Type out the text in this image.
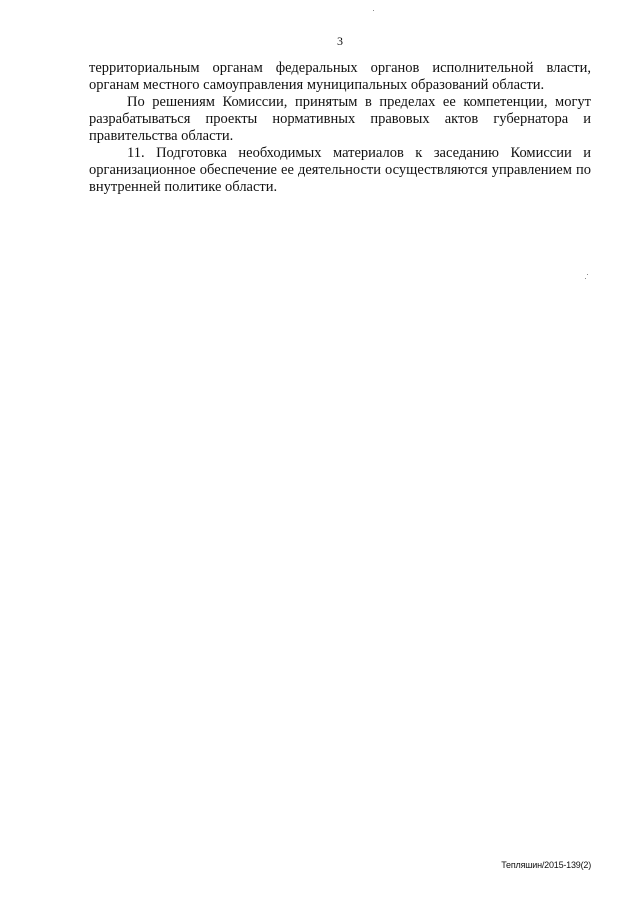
3

территориальным органам федеральных органов исполнительной власти, органам местного самоуправления муниципальных образований области.

По решениям Комиссии, принятым в пределах ее компетенции, могут разрабатываться проекты нормативных правовых актов губернатора и правительства области.

11. Подготовка необходимых материалов к заседанию Комиссии и организационное обеспечение ее деятельности осуществляются управлением по внутренней политике области.

Тепляшин/2015-139(2)
